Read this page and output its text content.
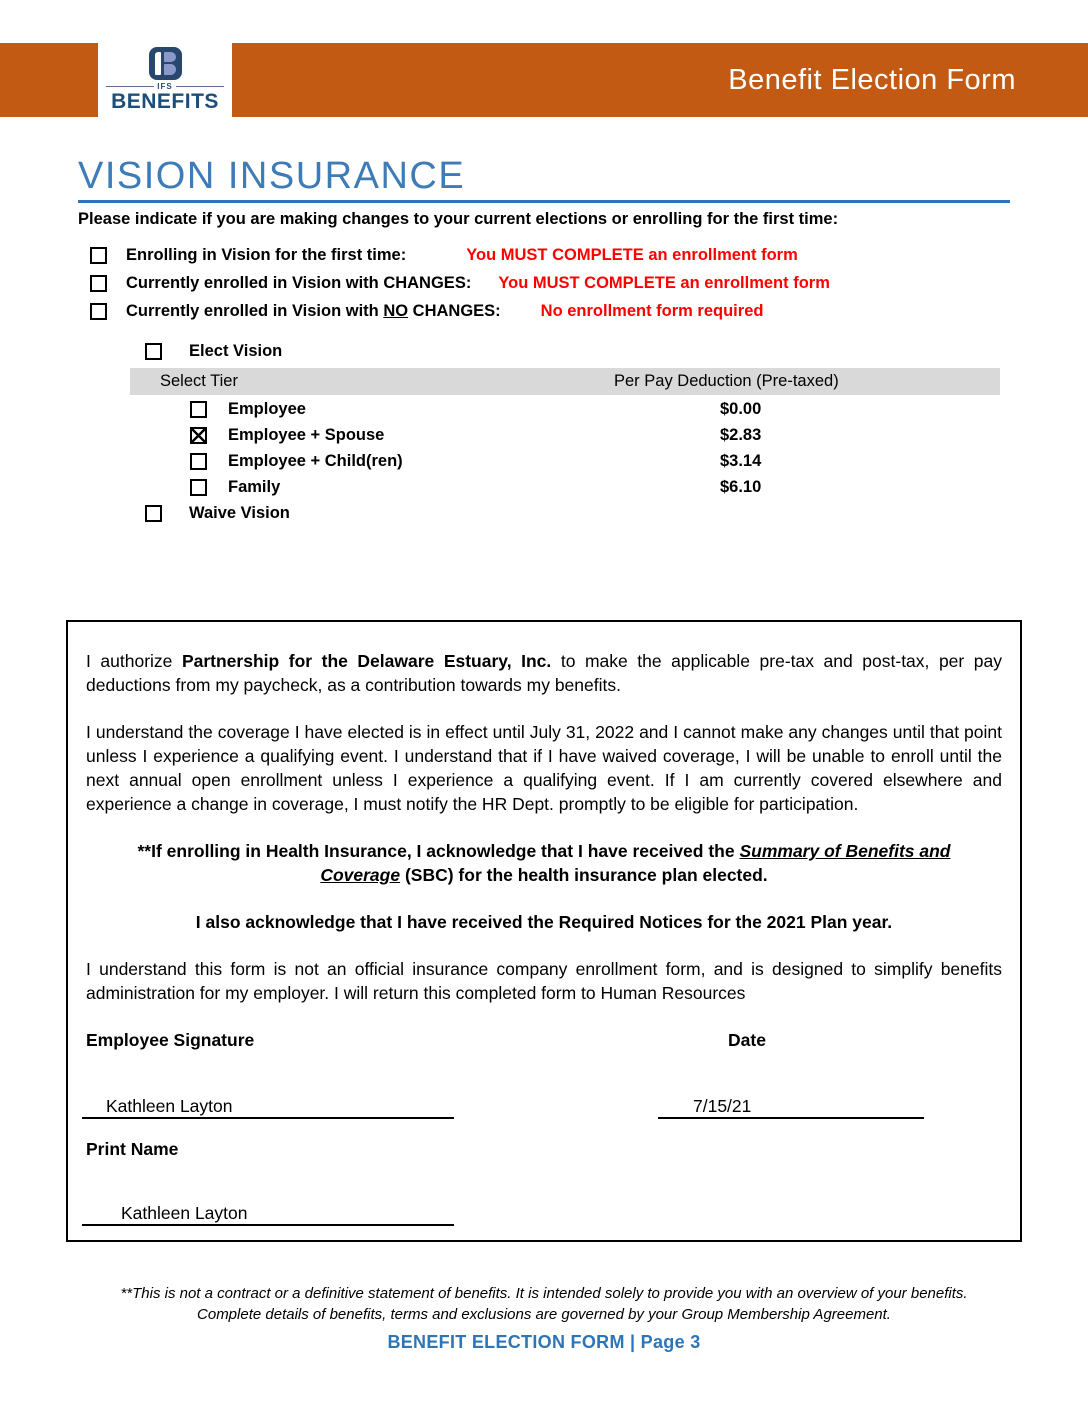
IFS
BENEFITS
Benefit Election Form
VISION INSURANCE
Please indicate if you are making changes to your current elections or enrolling for the first time:
Enrolling in Vision for the first time:	You MUST COMPLETE an enrollment form
Currently enrolled in Vision with CHANGES: You MUST COMPLETE an enrollment form
Currently enrolled in Vision with NO CHANGES: No enrollment form required
Elect Vision
Select Tier	Per Pay Deduction (Pre-taxed)
Employee	$0.00
Employee + Spouse	$2.83
Employee + Child(ren)	$3.14
Family	$6.10
Waive Vision

I authorize Partnership for the Delaware Estuary, Inc. to make the applicable pre-tax and post-tax, per pay deductions from my paycheck, as a contribution towards my benefits.

I understand the coverage I have elected is in effect until July 31, 2022 and I cannot make any changes until that point unless I experience a qualifying event. I understand that if I have waived coverage, I will be unable to enroll until the next annual open enrollment unless I experience a qualifying event. If I am currently covered elsewhere and experience a change in coverage, I must notify the HR Dept. promptly to be eligible for participation.

**If enrolling in Health Insurance, I acknowledge that I have received the Summary of Benefits and Coverage (SBC) for the health insurance plan elected.

I also acknowledge that I have received the Required Notices for the 2021 Plan year.

I understand this form is not an official insurance company enrollment form, and is designed to simplify benefits administration for my employer. I will return this completed form to Human Resources

Employee Signature	Date
Kathleen Layton	7/15/21
Print Name
Kathleen Layton
**This is not a contract or a definitive statement of benefits. It is intended solely to provide you with an overview of your benefits.
Complete details of benefits, terms and exclusions are governed by your Group Membership Agreement.
BENEFIT ELECTION FORM | Page 3
